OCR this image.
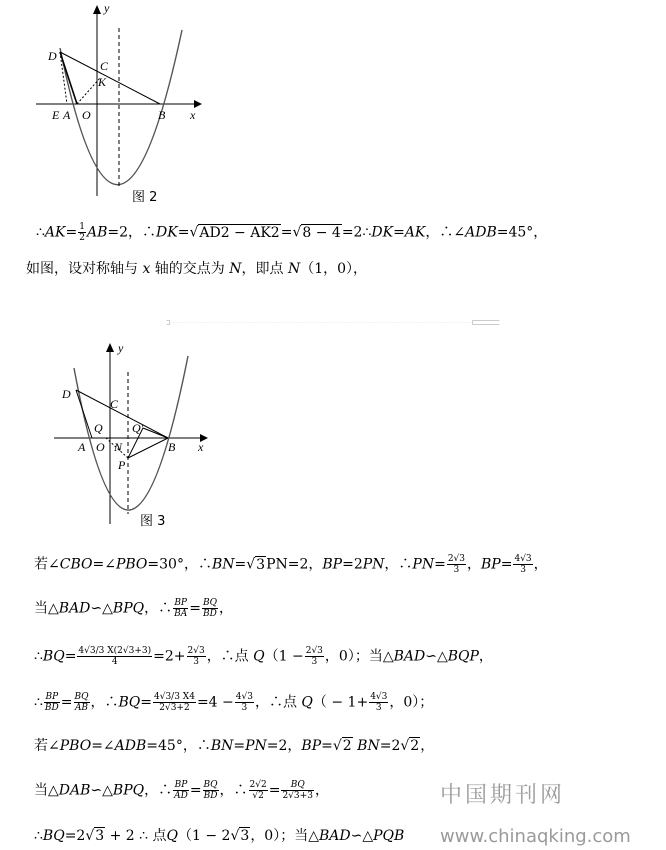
y
D
C
K
E A O	B x
图 2
∴AK= $\frac{1}{2} AB=2$，∴DK=√AD2 − AK2=√8 − 4=2∴DK=AK，∴∠ADB=45°，
如图，设对称轴与 x 轴的交点为 N，即点 N（1，0），
y
D
C
Q Q'
A O N
P
B x
图 3
若∠CBO=∠PBO=30°，∴BN=√3PN=2，BP=2PN，∴PN= $\frac{2√3}{3}$ ，$BP= \frac{4√3}{3}$ ，
当△BAD∽△BPQ，∴ $\frac{BP}{BA} = \frac{BQ}{BD}$ ，
∴BQ= $\frac{4√3/3 X(2√3+3)}{4} =2+ \frac{2√3}{3}$ ，∴点 $Q(1 - \frac{2√3}{3}$ ，0）；当△BAD∽△BQP，
∴ $\frac{BP}{BD} = \frac{BQ}{AB}$ ，∴BQ= $\frac{4√3/3 X4}{2√3+2} =4 - \frac{4√3}{3}$ ，∴点 $Q( - 1+ \frac{4√3}{3}$ ，0）；
若∠PBO=∠ADB=45°，∴BN=PN=2，BP=√2 BN=2√2，
当△DAB∽△BPQ，∴ $\frac{BP}{AD} = \frac{BQ}{BD}$ ，∴ $\frac{2√2}{√2} = \frac{BQ}{2√3+3}$ ，
∴BQ=2√3 + 2 ∴ 点Q（1 − 2√3，0）；当△BAD∽△PQB
中国期刊网
www.chinaqking.com
